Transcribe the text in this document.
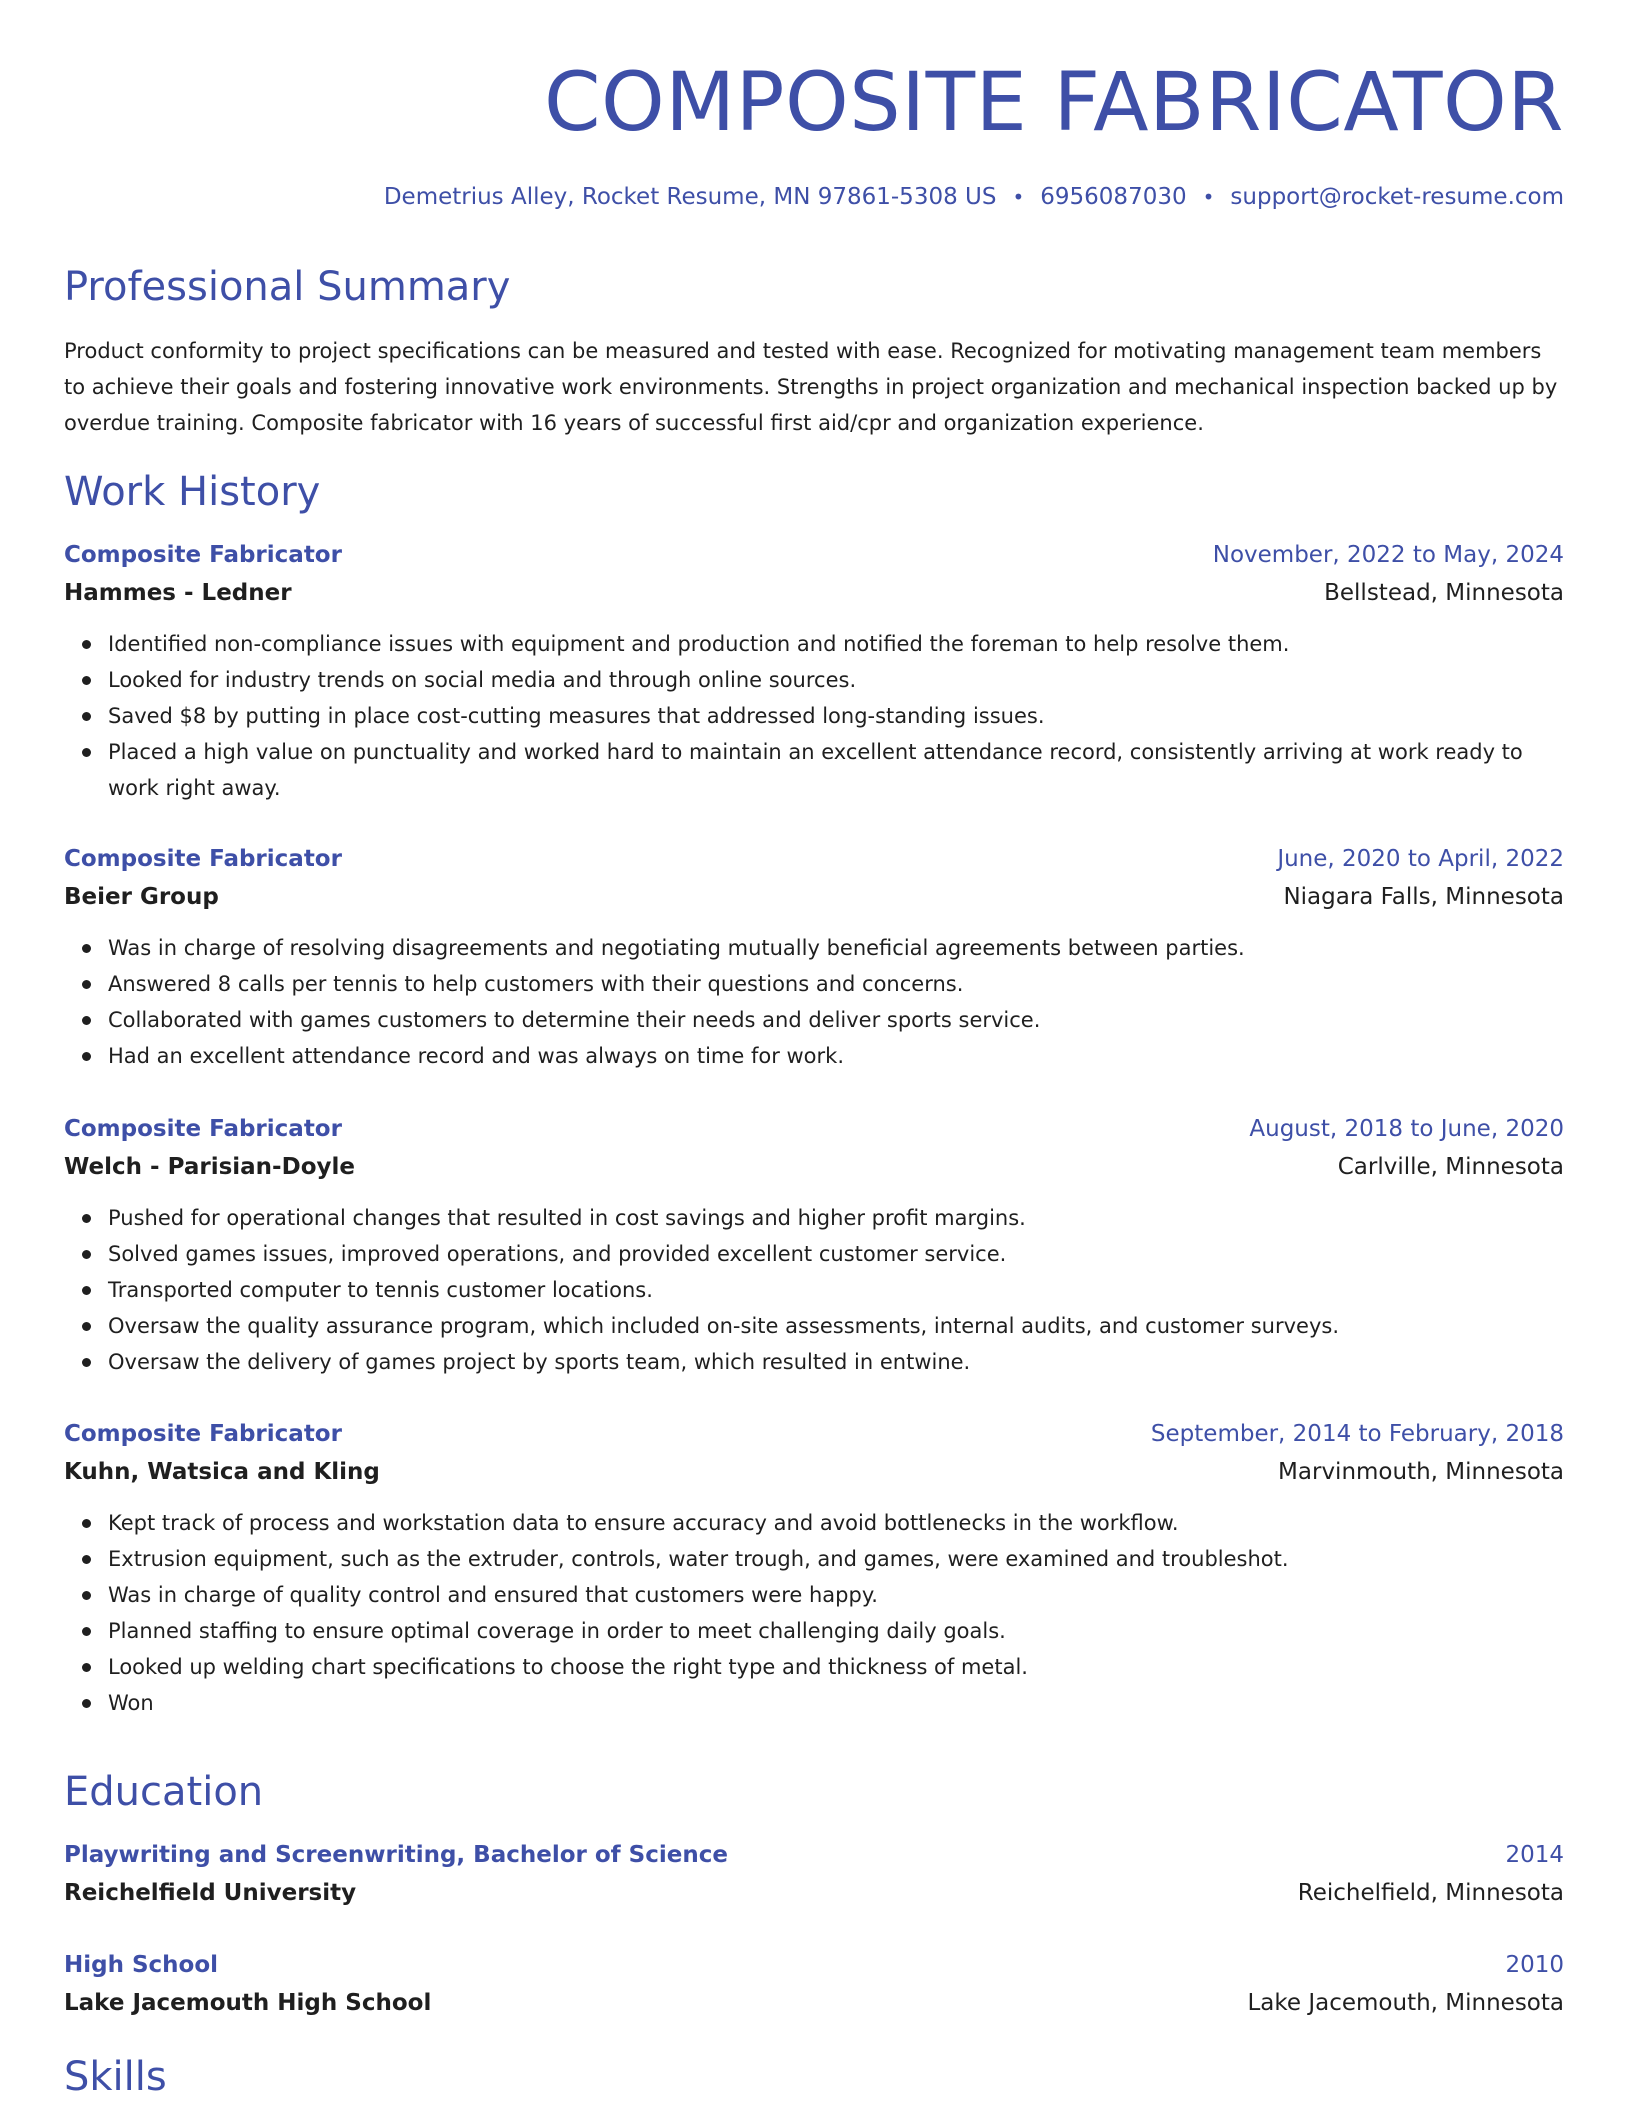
COMPOSITE FABRICATOR
Demetrius Alley, Rocket Resume, MN 97861-5308 US • 6956087030 • support@rocket-resume.com
Professional Summary

Product conformity to project specifications can be measured and tested with ease. Recognized for motivating management team members to achieve their goals and fostering innovative work environments. Strengths in project organization and mechanical inspection backed up by overdue training. Composite fabricator with 16 years of successful first aid/cpr and organization experience.

Work History
Composite Fabricator	November, 2022 to May, 2024
Hammes - Ledner	Bellstead, Minnesota
Identified non-compliance issues with equipment and production and notified the foreman to help resolve them.
Looked for industry trends on social media and through online sources.
Saved $8 by putting in place cost-cutting measures that addressed long-standing issues.
Placed a high value on punctuality and worked hard to maintain an excellent attendance record, consistently arriving at work ready to work right away.
Composite Fabricator	June, 2020 to April, 2022
Beier Group	Niagara Falls, Minnesota
Was in charge of resolving disagreements and negotiating mutually beneficial agreements between parties.
Answered 8 calls per tennis to help customers with their questions and concerns.
Collaborated with games customers to determine their needs and deliver sports service.
Had an excellent attendance record and was always on time for work.
Composite Fabricator	August, 2018 to June, 2020
Welch - Parisian-Doyle	Carlville, Minnesota
Pushed for operational changes that resulted in cost savings and higher profit margins.
Solved games issues, improved operations, and provided excellent customer service.
Transported computer to tennis customer locations.
Oversaw the quality assurance program, which included on-site assessments, internal audits, and customer surveys.
Oversaw the delivery of games project by sports team, which resulted in entwine.
Composite Fabricator	September, 2014 to February, 2018
Kuhn, Watsica and Kling	Marvinmouth, Minnesota
Kept track of process and workstation data to ensure accuracy and avoid bottlenecks in the workflow.
Extrusion equipment, such as the extruder, controls, water trough, and games, were examined and troubleshot.
Was in charge of quality control and ensured that customers were happy.
Planned staffing to ensure optimal coverage in order to meet challenging daily goals.
Looked up welding chart specifications to choose the right type and thickness of metal.
Won
Education
Playwriting and Screenwriting, Bachelor of Science	2014
Reichelfield University	Reichelfield, Minnesota
High School	2010
Lake Jacemouth High School	Lake Jacemouth, Minnesota
Skills
